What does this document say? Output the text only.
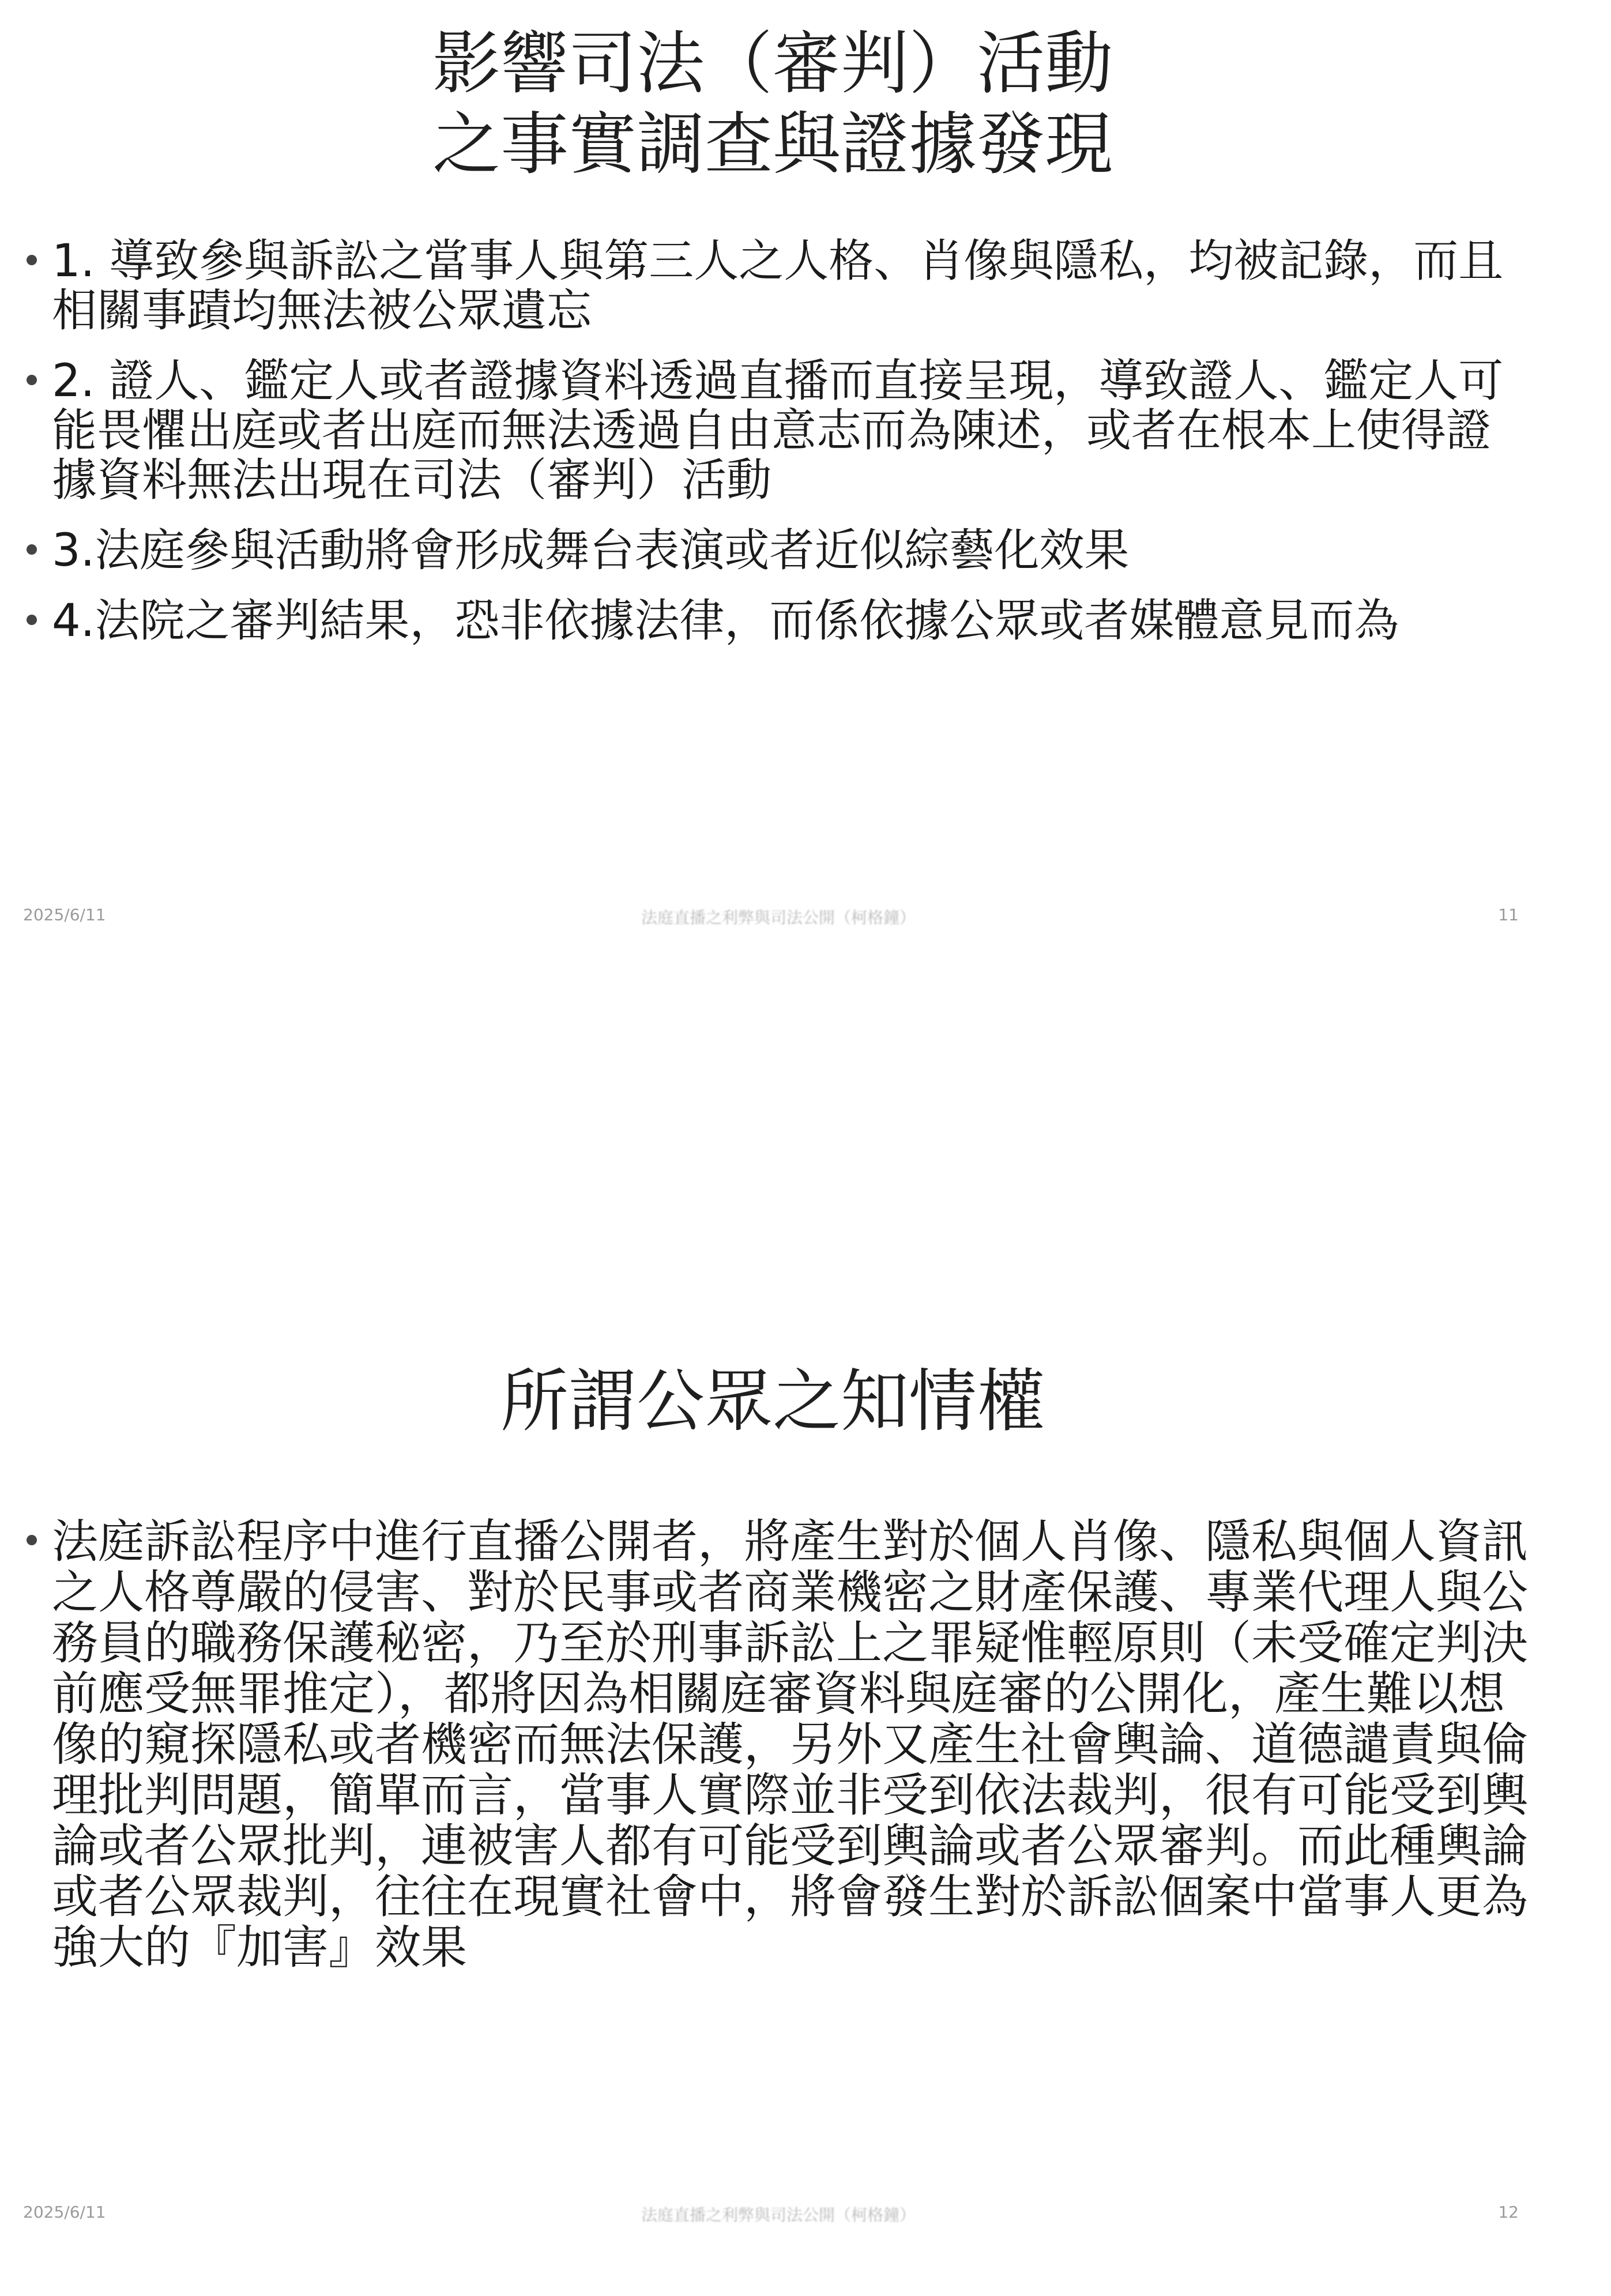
影響司法（審判）活動
之事實調查與證據發現
1. 導致參與訴訟之當事人與第三人之人格、肖像與隱私，均被記錄，而且相關事蹟均無法被公眾遺忘
2. 證人、鑑定人或者證據資料透過直播而直接呈現，導致證人、鑑定人可能畏懼出庭或者出庭而無法透過自由意志而為陳述，或者在根本上使得證據資料無法出現在司法（審判）活動
3.法庭參與活動將會形成舞台表演或者近似綜藝化效果
4.法院之審判結果，恐非依據法律，而係依據公眾或者媒體意見而為
2025/6/11	法庭直播之利弊與司法公開（柯格鐘）	11
所謂公眾之知情權
法庭訴訟程序中進行直播公開者，將產生對於個人肖像、隱私與個人資訊之人格尊嚴的侵害、對於民事或者商業機密之財產保護、專業代理人與公務員的職務保護秘密，乃至於刑事訴訟上之罪疑惟輕原則（未受確定判決前應受無罪推定），都將因為相關庭審資料與庭審的公開化，產生難以想像的窺探隱私或者機密而無法保護，另外又產生社會輿論、道德譴責與倫理批判問題，簡單而言，當事人實際並非受到依法裁判，很有可能受到輿論或者公眾批判，連被害人都有可能受到輿論或者公眾審判。而此種輿論或者公眾裁判，往往在現實社會中，將會發生對於訴訟個案中當事人更為強大的『加害』效果
2025/6/11	法庭直播之利弊與司法公開（柯格鐘）	12
